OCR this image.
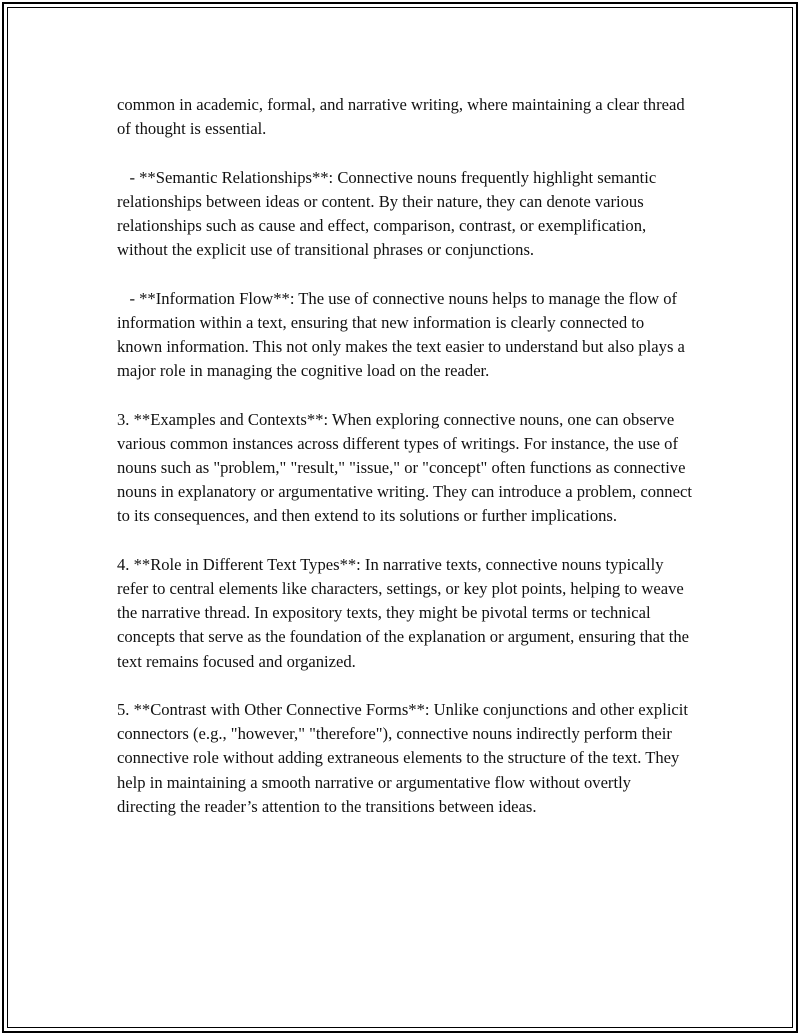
common in academic, formal, and narrative writing, where maintaining a clear thread of thought is essential.

- **Semantic Relationships**: Connective nouns frequently highlight semantic relationships between ideas or content. By their nature, they can denote various relationships such as cause and effect, comparison, contrast, or exemplification, without the explicit use of transitional phrases or conjunctions.

- **Information Flow**: The use of connective nouns helps to manage the flow of information within a text, ensuring that new information is clearly connected to known information. This not only makes the text easier to understand but also plays a major role in managing the cognitive load on the reader.

3. **Examples and Contexts**: When exploring connective nouns, one can observe various common instances across different types of writings. For instance, the use of nouns such as "problem," "result," "issue," or "concept" often functions as connective nouns in explanatory or argumentative writing. They can introduce a problem, connect to its consequences, and then extend to its solutions or further implications.

4. **Role in Different Text Types**: In narrative texts, connective nouns typically refer to central elements like characters, settings, or key plot points, helping to weave the narrative thread. In expository texts, they might be pivotal terms or technical concepts that serve as the foundation of the explanation or argument, ensuring that the text remains focused and organized.

5. **Contrast with Other Connective Forms**: Unlike conjunctions and other explicit connectors (e.g., "however," "therefore"), connective nouns indirectly perform their connective role without adding extraneous elements to the structure of the text. They help in maintaining a smooth narrative or argumentative flow without overtly directing the reader’s attention to the transitions between ideas.
